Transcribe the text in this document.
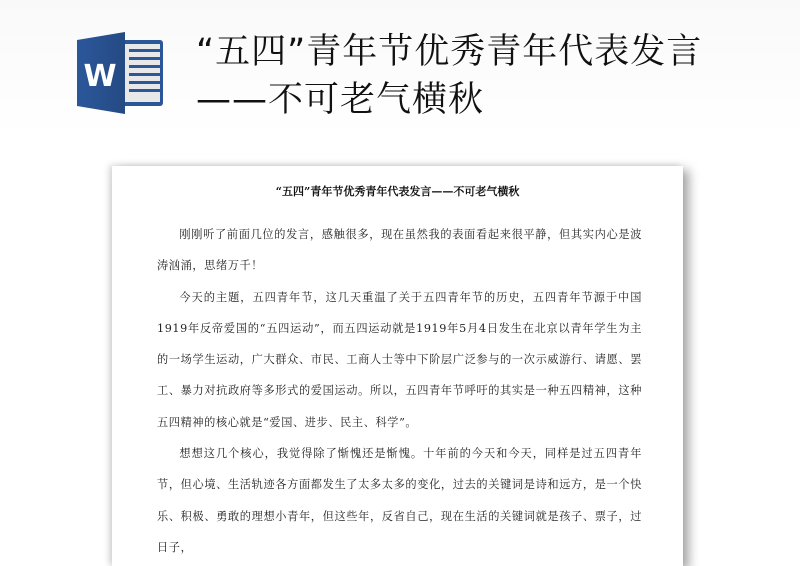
W
“五四”青年节优秀青年代表发言——不可老气横秋
“五四”青年节优秀青年代表发言——不可老气横秋

刚刚听了前面几位的发言，感触很多，现在虽然我的表面看起来很平静，但其实内心是波涛汹涌，思绪万千！

今天的主题，五四青年节，这几天重温了关于五四青年节的历史，五四青年节源于中国1919年反帝爱国的“五四运动”，而五四运动就是1919年5月4日发生在北京以青年学生为主的一场学生运动，广大群众、市民、工商人士等中下阶层广泛参与的一次示威游行、请愿、罢工、暴力对抗政府等多形式的爱国运动。所以，五四青年节呼吁的其实是一种五四精神，这种五四精神的核心就是“爱国、进步、民主、科学”。

想想这几个核心，我觉得除了惭愧还是惭愧。十年前的今天和今天，同样是过五四青年节，但心境、生活轨迹各方面都发生了太多太多的变化，过去的关键词是诗和远方，是一个快乐、积极、勇敢的理想小青年，但这些年，反省自己，现在生活的关键词就是孩子、票子，过日子，
